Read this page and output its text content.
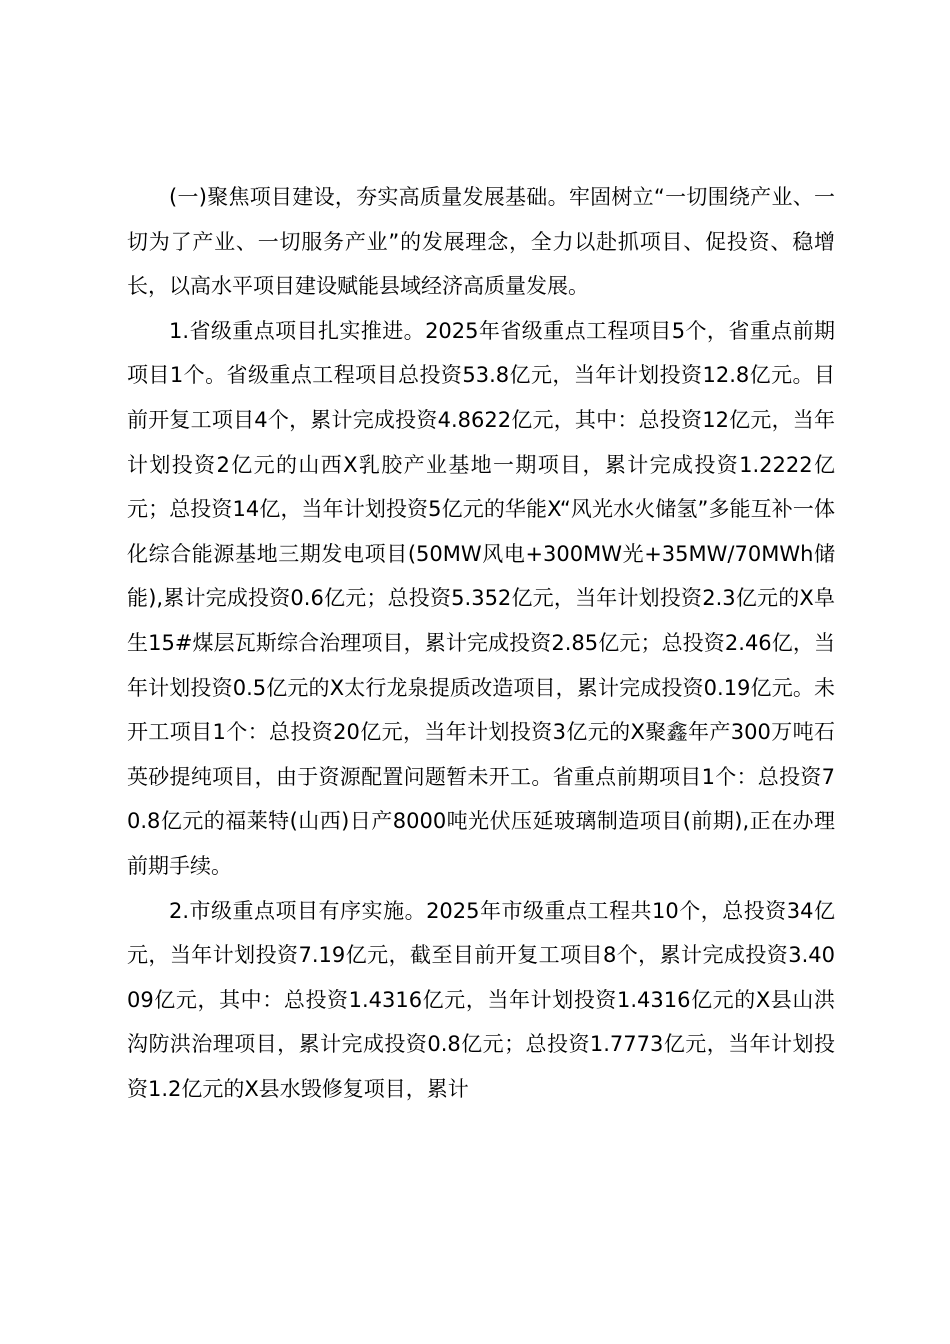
(一)聚焦项目建设，夯实高质量发展基础。牢固树立“一切围绕产业、一切为了产业、一切服务产业”的发展理念，全力以赴抓项目、促投资、稳增长，以高水平项目建设赋能县域经济高质量发展。

1.省级重点项目扎实推进。2025年省级重点工程项目5个，省重点前期项目1个。省级重点工程项目总投资53.8亿元，当年计划投资12.8亿元。目前开复工项目4个，累计完成投资4.8622亿元，其中：总投资12亿元，当年计划投资2亿元的山西X乳胶产业基地一期项目，累计完成投资1.2222亿元；总投资14亿，当年计划投资5亿元的华能X“风光水火储氢”多能互补一体化综合能源基地三期发电项目(50MW风电+300MW光+35MW/70MWh储能),累计完成投资0.6亿元；总投资5.352亿元，当年计划投资2.3亿元的X阜生15#煤层瓦斯综合治理项目，累计完成投资2.85亿元；总投资2.46亿，当年计划投资0.5亿元的X太行龙泉提质改造项目，累计完成投资0.19亿元。未开工项目1个：总投资20亿元，当年计划投资3亿元的X聚鑫年产300万吨石英砂提纯项目，由于资源配置问题暂未开工。省重点前期项目1个：总投资70.8亿元的福莱特(山西)日产8000吨光伏压延玻璃制造项目(前期),正在办理前期手续。

2.市级重点项目有序实施。2025年市级重点工程共10个，总投资34亿元，当年计划投资7.19亿元，截至目前开复工项目8个，累计完成投资3.4009亿元，其中：总投资1.4316亿元，当年计划投资1.4316亿元的X县山洪沟防洪治理项目，累计完成投资0.8亿元；总投资1.7773亿元，当年计划投资1.2亿元的X县水毁修复项目，累计
